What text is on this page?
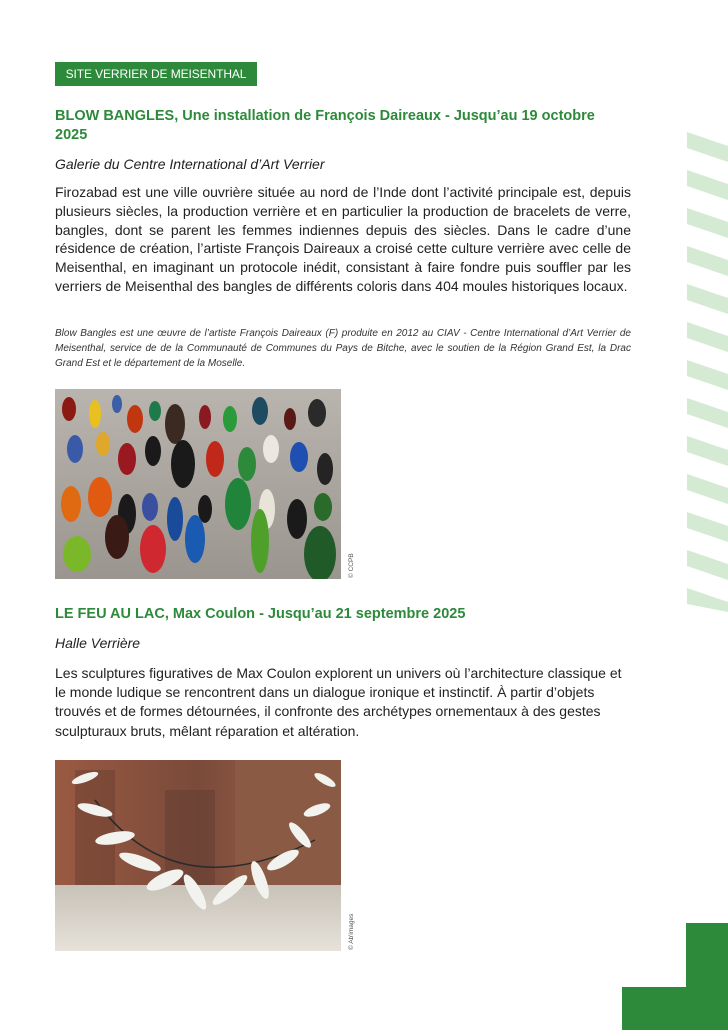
SITE VERRIER DE MEISENTHAL
BLOW BANGLES, Une installation de François Daireaux - Jusqu’au 19 octobre 2025

Galerie du Centre International d’Art Verrier

Firozabad est une ville ouvrière située au nord de l’Inde dont l’activité principale est, depuis plusieurs siècles, la production verrière et en particulier la production de bracelets de verre, bangles, dont se parent les femmes indiennes depuis des siècles. Dans le cadre d’une résidence de création, l’artiste François Daireaux a croisé cette culture verrière avec celle de Meisenthal, en imaginant un protocole inédit, consistant à faire fondre puis souffler par les verriers de Meisenthal des bangles de différents coloris dans 404 moules historiques locaux.

Blow Bangles est une œuvre de l’artiste François Daireaux (F) produite en 2012 au CIAV - Centre International d’Art Verrier de Meisenthal, service de de la Communauté de Communes du Pays de Bitche, avec le soutien de la Région Grand Est, la Drac Grand Est et le département de la Moselle.

© CCPB
LE FEU AU LAC, Max Coulon - Jusqu’au 21 septembre 2025

Halle Verrière

Les sculptures figuratives de Max Coulon explorent un univers où l’architecture classique et le monde ludique se rencontrent dans un dialogue ironique et instinctif. À partir d’objets trouvés et de formes détournées, il confronte des archétypes ornementaux à des gestes sculpturaux bruts, mêlant réparation et altération.

© Ab'images
